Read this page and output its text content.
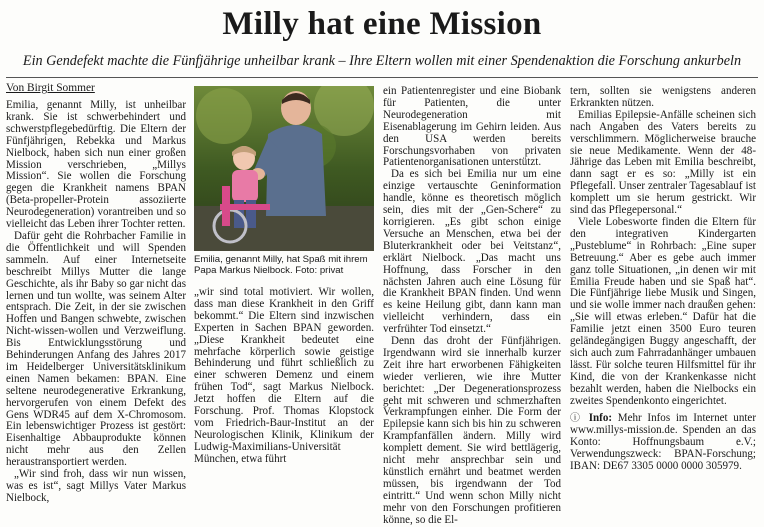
Milly hat eine Mission
Ein Gendefekt machte die Fünfjährige unheilbar krank – Ihre Eltern wollen mit einer Spendenaktion die Forschung ankurbeln
Von Birgit Sommer

Emilia, genannt Milly, ist unheilbar krank. Sie ist schwerbehindert und schwerstpflegebedürftig. Die Eltern der Fünfjährigen, Rebekka und Markus Nielbock, haben sich nun einer großen Mission verschrieben, „Millys Mission“. Sie wollen die Forschung gegen die Krankheit namens BPAN (Beta-propeller-Protein assoziierte Neurodegeneration) vorantreiben und so vielleicht das Leben ihrer Tochter retten.

Dafür geht die Rohrbacher Familie in die Öffentlichkeit und will Spenden sammeln. Auf einer Internetseite beschreibt Millys Mutter die lange Geschichte, als ihr Baby so gar nicht das lernen und tun wollte, was seinem Alter entsprach. Die Zeit, in der sie zwischen Hoffen und Bangen schwebte, zwischen Nicht-wissen-wollen und Verzweiflung. Bis Entwicklungsstörung und Behinderungen Anfang des Jahres 2017 im Heidelberger Universitätsklinikum einen Namen bekamen: BPAN. Eine seltene neurodegenerative Erkrankung, hervorgerufen von einem Defekt des Gens WDR45 auf dem X-Chromosom. Ein lebenswichtiger Prozess ist gestört: Eisenhaltige Abbauprodukte können nicht mehr aus den Zellen heraustransportiert werden.

„Wir sind froh, dass wir nun wissen, was es ist“, sagt Millys Vater Markus Nielbock,

Emilia, genannt Milly, hat Spaß mit ihrem Papa Markus Nielbock. Foto: privat

„wir sind total motiviert. Wir wollen, dass man diese Krankheit in den Griff bekommt.“ Die Eltern sind inzwischen Experten in Sachen BPAN geworden. „Diese Krankheit bedeutet eine mehrfache körperlich sowie geistige Behinderung und führt schließlich zu einer schweren Demenz und einem frühen Tod“, sagt Markus Nielbock. Jetzt hoffen die Eltern auf die Forschung. Prof. Thomas Klopstock vom Friedrich-Baur-Institut an der Neurologischen Klinik, Klinikum der Ludwig-Maximilians-Universität München, etwa führt

ein Patientenregister und eine Biobank für Patienten, die unter Neurodegeneration mit Eisenablagerung im Gehirn leiden. Aus den USA werden bereits Forschungsvorhaben von privaten Patientenorganisationen unterstützt.

Da es sich bei Emilia nur um eine einzige vertauschte Geninformation handle, könne es theoretisch möglich sein, dies mit der „Gen-Schere“ zu korrigieren. „Es gibt schon einige Versuche an Menschen, etwa bei der Bluterkrankheit oder bei Veitstanz“, erklärt Nielbock. „Das macht uns Hoffnung, dass Forscher in den nächsten Jahren auch eine Lösung für die Krankheit BPAN finden. Und wenn es keine Heilung gibt, dann kann man vielleicht verhindern, dass ein verfrühter Tod einsetzt.“

Denn das droht der Fünfjährigen. Irgendwann wird sie innerhalb kurzer Zeit ihre hart erworbenen Fähigkeiten wieder verlieren, wie ihre Mutter berichtet: „Der Degenerationsprozess geht mit schweren und schmerzhaften Verkrampfungen einher. Die Form der Epilepsie kann sich bis hin zu schweren Krampfanfällen ändern. Milly wird komplett dement. Sie wird bettlägerig, nicht mehr ansprechbar sein und künstlich ernährt und beatmet werden müssen, bis irgendwann der Tod eintritt.“ Und wenn schon Milly nicht mehr von den Forschungen profitieren könne, so die El-

tern, sollten sie wenigstens anderen Erkrankten nützen.

Emilias Epilepsie-Anfälle scheinen sich nach Angaben des Vaters bereits zu verschlimmern. Möglicherweise brauche sie neue Medikamente. Wenn der 48-Jährige das Leben mit Emilia beschreibt, dann sagt er es so: „Milly ist ein Pflegefall. Unser zentraler Tagesablauf ist komplett um sie herum gestrickt. Wir sind das Pflegepersonal.“

Viele Lobesworte finden die Eltern für den integrativen Kindergarten „Pusteblume“ in Rohrbach: „Eine super Betreuung.“ Aber es gebe auch immer ganz tolle Situationen, „in denen wir mit Emilia Freude haben und sie Spaß hat“. Die Fünfjährige liebe Musik und Singen, und sie wolle immer nach draußen gehen: „Sie will etwas erleben.“ Dafür hat die Familie jetzt einen 3500 Euro teuren geländegängigen Buggy angeschafft, der sich auch zum Fahrradanhänger umbauen lässt. Für solche teuren Hilfsmittel für ihr Kind, die von der Krankenkasse nicht bezahlt werden, haben die Nielbocks ein zweites Spendenkonto eingerichtet.

ⓘ Info: Mehr Infos im Internet unter www.millys-mission.de. Spenden an das Konto: Hoffnungsbaum e.V.; Verwendungszweck: BPAN-Forschung; IBAN: DE67 3305 0000 0000 305979.
